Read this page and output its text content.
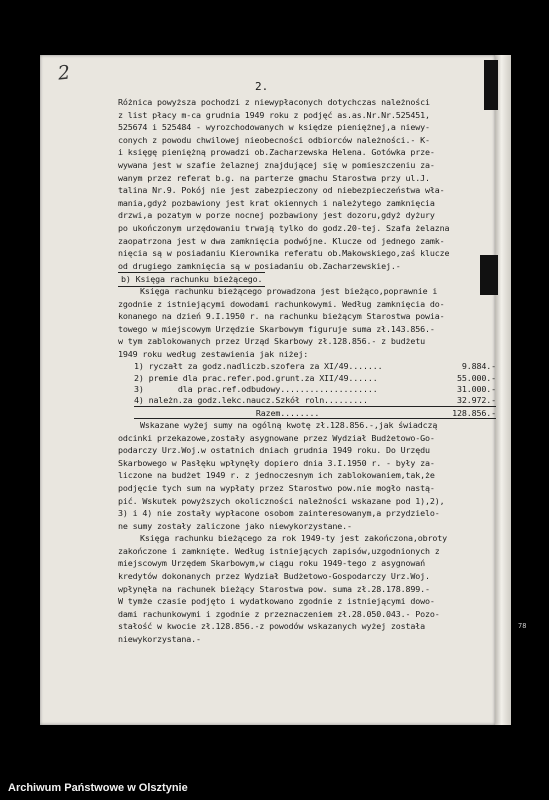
2
2.
Różnica powyższa pochodzi z niewypłaconych dotychczas należności
z list płacy m-ca grudnia 1949 roku z podjęć as.as.Nr.Nr.525451,
525674 i 525484 - wyrozchodowanych w księdze pieniężnej,a niewy-
conych z powodu chwilowej nieobecności odbiorców należności.- K-
i księgę pieniężną prowadzi ob.Zacharzewska Helena. Gotówka prze-
wywana jest w szafie żelaznej znajdującej się w pomieszczeniu za-
wanym przez referat b.g. na parterze gmachu Starostwa przy ul.J.
talina Nr.9. Pokój nie jest zabezpieczony od niebezpieczeństwa wła-
mania,gdyż pozbawiony jest krat okiennych i należytego zamknięcia
drzwi,a pozatym w porze nocnej pozbawiony jest dozoru,gdyż dyżury
po ukończonym urzędowaniu trwają tylko do godz.20-tej. Szafa żelazna
zaopatrzona jest w dwa zamknięcia podwójne. Klucze od jednego zamk-
nięcia są w posiadaniu Kierownika referatu ob.Makowskiego,zaś klucze
od drugiego zamknięcia są w posiadaniu ob.Zacharzewskiej.-
b) Księga rachunku bieżącego.
Księga rachunku bieżącego prowadzona jest bieżąco,poprawnie i
zgodnie z istniejącymi dowodami rachunkowymi. Według zamknięcia do-
konanego na dzień 9.I.1950 r. na rachunku bieżącym Starostwa powia-
towego w miejscowym Urzędzie Skarbowym figuruje suma zł.143.856.-
w tym zablokowanych przez Urząd Skarbowy zł.128.856.- z budżetu
1949 roku według zestawienia jak niżej:
1) ryczałt za godz.nadliczb.szofera za XI/49.......	9.884.-
2) premie dla prac.refer.pod.grunt.za XII/49......	55.000.-
3)       dla prac.ref.odbudowy....................	31.000.-
4) należn.za godz.lekc.naucz.Szkół roln.........	32.972.-
Razem........	128.856.-
Wskazane wyżej sumy na ogólną kwotę zł.128.856.-,jak świadczą
odcinki przekazowe,zostały asygnowane przez Wydział Budżetowo-Go-
podarczy Urz.Woj.w ostatnich dniach grudnia 1949 roku. Do Urzędu
Skarbowego w Pasłęku wpłynęły dopiero dnia 3.I.1950 r. - były za-
liczone na budżet 1949 r. z jednoczesnym ich zablokowaniem,tak,że
podjęcie tych sum na wypłaty przez Starostwo pow.nie mogło nastą-
pić. Wskutek powyższych okoliczności należności wskazane pod 1),2),
3) i 4) nie zostały wypłacone osobom zainteresowanym,a przydzielo-
ne sumy zostały zaliczone jako niewykorzystane.-
Księga rachunku bieżącego za rok 1949-ty jest zakończona,obroty
zakończone i zamknięte. Według istniejących zapisów,uzgodnionych z
miejscowym Urzędem Skarbowym,w ciągu roku 1949-tego z asygnowań
kredytów dokonanych przez Wydział Budżetowo-Gospodarczy Urz.Woj.
wpłynęła na rachunek bieżący Starostwa pow. suma zł.28.178.899.-
W tymże czasie podjęto i wydatkowano zgodnie z istniejącymi dowo-
dami rachunkowymi i zgodnie z przeznaczeniem zł.28.050.043.- Pozo-
stałość w kwocie zł.128.856.-z powodów wskazanych wyżej została
niewykorzystana.-
78
Archiwum Państwowe w Olsztynie
